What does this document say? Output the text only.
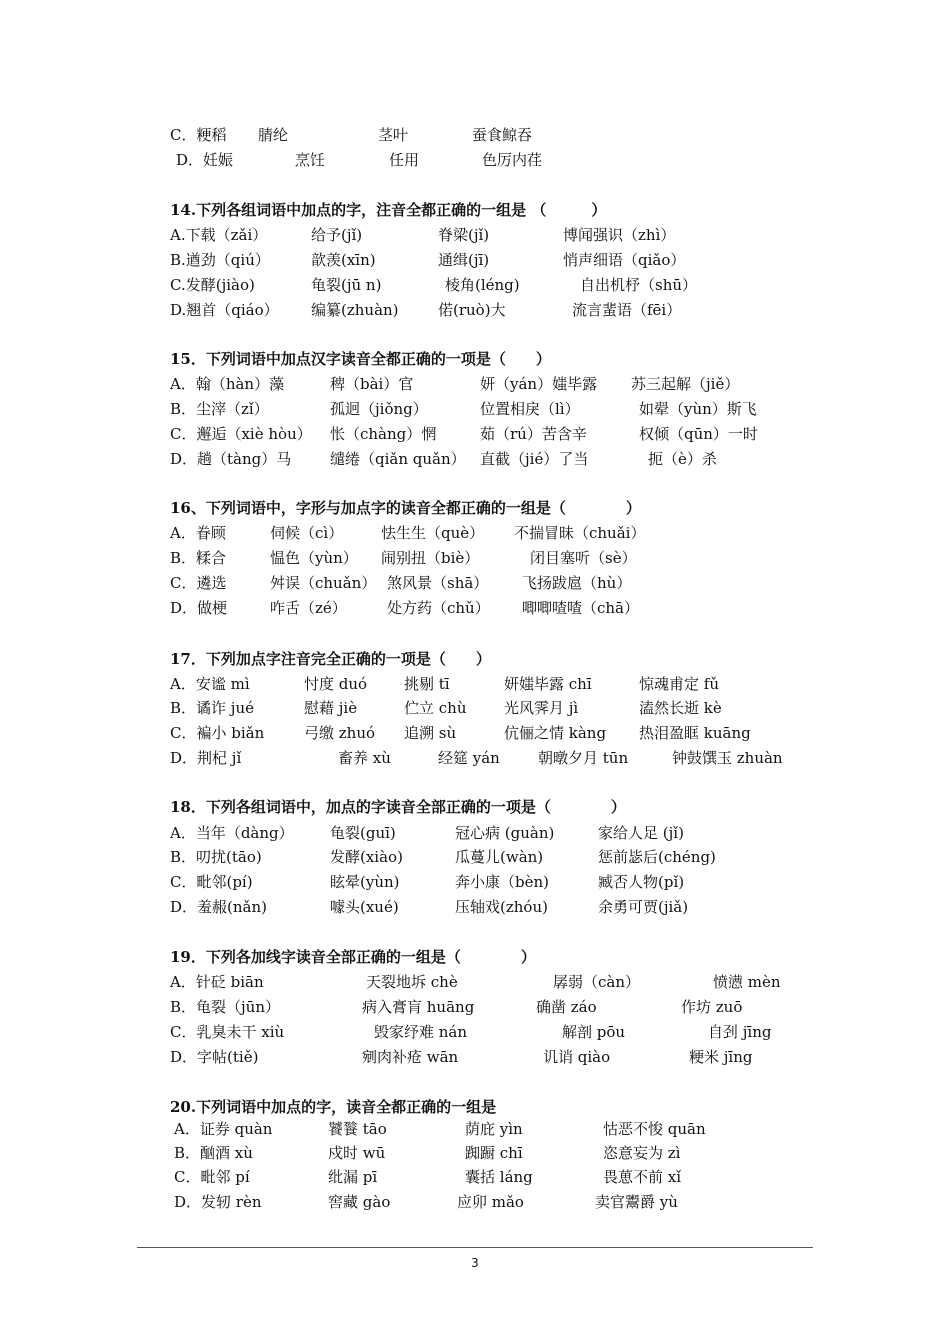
C．粳稻 腈纶	茎叶	蚕食鲸吞
D．妊娠	烹饪	任用	色厉内荏
14.下列各组词语中加点的字，注音全都正确的一组是 （　　　）
A.下载（zǎi）	给予(jǐ)	脊梁(jǐ)	博闻强识（zhì）
B.遒劲（qiú）	歆羡(xīn)	通缉(jī)	悄声细语（qiǎo）
C.发酵(jiào)	龟裂(jū n)	棱角(léng)	自出机杼（shū）
D.翘首（qiáo） 编纂(zhuàn)	偌(ruò)大	流言蜚语（fēi）
15．下列词语中加点汉字读音全都正确的一项是（　　）
A．翰（hàn）藻	稗（bài）官	妍（yán）媸毕露 苏三起解（jiě）
B．尘滓（zǐ）	孤迥（jiǒng）	位置相戾（lì）	如翚（yùn）斯飞
C．邂逅（xiè hòu） 怅（chàng）惘	茹（rú）苦含辛	权倾（qūn）一时
D．趟（tàng）马	缱绻（qiǎn quǎn） 直截（jié）了当	扼（è）杀
16、下列词语中，字形与加点字的读音全都正确的一组是（　　　　）
A．眷顾	伺候（cì）	怯生生（què） 不揣冒昧（chuǎi）
B．糅合	愠色（yùn） 闹别扭（biè）	闭目塞听（sè）
C．遴选	舛误（chuǎn） 煞风景（shā） 飞扬跋扈（hù）
D．做梗	咋舌（zé）	处方药（chǔ） 唧唧喳喳（chā）
17．下列加点字注音完全正确的一项是（　　）
A．安谧 mì	忖度 duó 挑剔 tī	妍媸毕露 chī	惊魂甫定 fǔ
B．谲诈 jué	慰藉 jiè	伫立 chù	光风霁月 jì	溘然长逝 kè
C．褊小 biǎn	弓缴 zhuó 追溯 sù	伉俪之情 kàng 热泪盈眶 kuāng
D．荆杞 jǐ	畜养 xù	经筵 yán	朝暾夕月 tūn	钟鼓馔玉 zhuàn
18．下列各组词语中，加点的字读音全部正确的一项是（　　　　）
A．当年（dàng） 龟裂(guī)	冠心病 (guàn)	家给人足 (jǐ)
B．叨扰(tāo)	发酵(xiào)	瓜蔓儿(wàn)	惩前毖后(chéng)
C．毗邻(pí)	眩晕(yùn)	奔小康（bèn)	臧否人物(pǐ)
D．羞赧(nǎn)	噱头(xué)	压轴戏(zhóu)	余勇可贾(jiǎ)
19．下列各加线字读音全部正确的一组是（　　　　）
A．针砭 biān	天裂地坼 chè	孱弱（càn）	愤懑 mèn
B．龟裂（jūn）	病入膏肓 huāng	确凿 záo	作坊 zuō
C．乳臭未干 xiù	毁家纾难 nán	解剖 pōu	自刭 jīng
D．字帖(tiě)	剜肉补疮 wān	讥诮 qiào	粳米 jīng
20.下列词语中加点的字，读音全都正确的一组是
A．证券 quàn	饕餮 tāo	荫庇 yìn	怙恶不悛 quān
B．酗酒 xù	戍时 wū	踟蹰 chī	恣意妄为 zì
C．毗邻 pí	纰漏 pī	囊括 láng	畏葸不前 xǐ
D．发轫 rèn	窖藏 gào	应卯 mǎo	卖官鬻爵 yù
3
